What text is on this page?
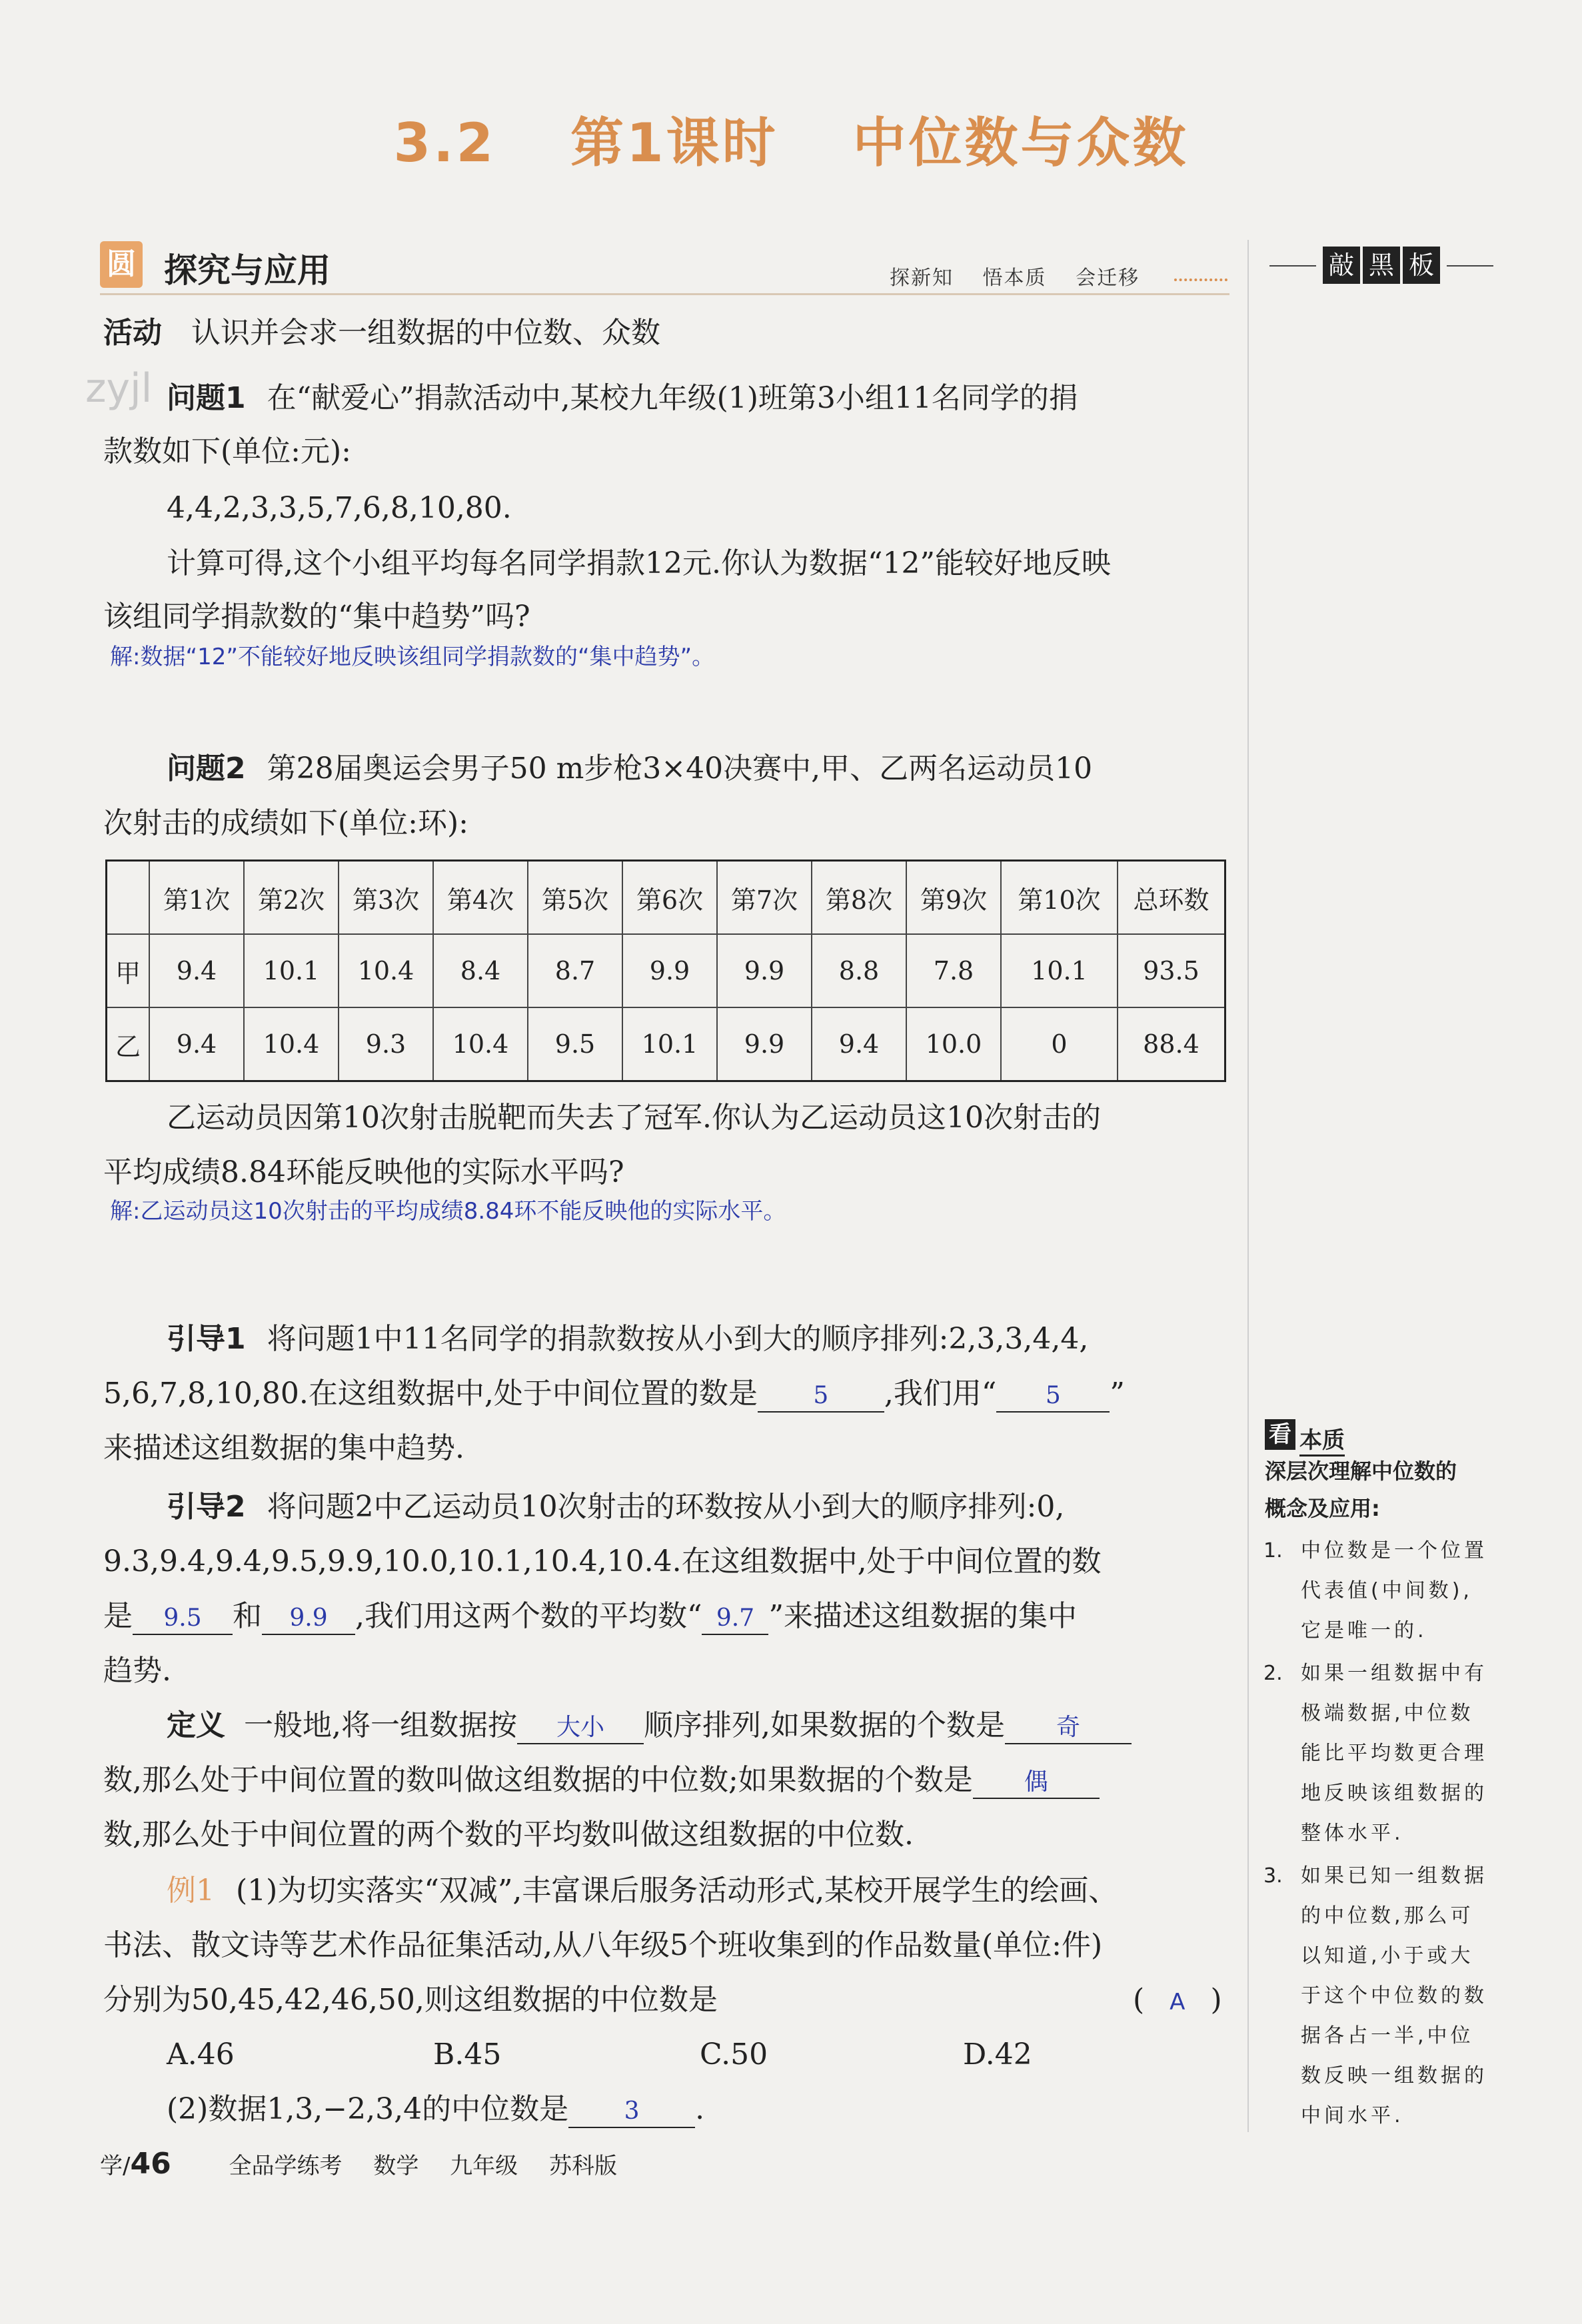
3.2 第1课时 中位数与众数
圆 探究与应用	探新知 悟本质 会迁移	敲 黑 板
活动 认识并会求一组数据的中位数、众数
zyjl 问题1 在“献爱心”捐款活动中,某校九年级(1)班第3小组11名同学的捐
款数如下(单位:元):
4,4,2,3,3,5,7,6,8,10,80.
计算可得,这个小组平均每名同学捐款12元.你认为数据“12”能较好地反映
该组同学捐款数的“集中趋势”吗?
解:数据“12”不能较好地反映该组同学捐款数的“集中趋势”。
问题2 第28届奥运会男子50 m步枪3×40决赛中,甲、乙两名运动员10
次射击的成绩如下(单位:环):
	第1次	第2次	第3次	第4次	第5次	第6次	第7次	第8次	第9次	第10次	总环数
甲	9.4	10.1	10.4	8.4	8.7	9.9	9.9	8.8	7.8	10.1	93.5
乙	9.4	10.4	9.3	10.4	9.5	10.1	9.9	9.4	10.0	0	88.4
乙运动员因第10次射击脱靶而失去了冠军.你认为乙运动员这10次射击的
平均成绩8.84环能反映他的实际水平吗?
解:乙运动员这10次射击的平均成绩8.84环不能反映他的实际水平。
引导1 将问题1中11名同学的捐款数按从小到大的顺序排列:2,3,3,4,4,
5,6,7,8,10,80.在这组数据中,处于中间位置的数是 5 ,我们用“ 5 ”
来描述这组数据的集中趋势.
引导2 将问题2中乙运动员10次射击的环数按从小到大的顺序排列:0,
9.3,9.4,9.4,9.5,9.9,10.0,10.1,10.4,10.4.在这组数据中,处于中间位置的数
是 9.5 和 9.9 ,我们用这两个数的平均数“ 9.7 ”来描述这组数据的集中
趋势.
定义 一般地,将一组数据按 大小 顺序排列,如果数据的个数是 奇
数,那么处于中间位置的数叫做这组数据的中位数;如果数据的个数是 偶
数,那么处于中间位置的两个数的平均数叫做这组数据的中位数.
例1 (1)为切实落实“双减”,丰富课后服务活动形式,某校开展学生的绘画、
书法、散文诗等艺术作品征集活动,从八年级5个班收集到的作品数量(单位:件)
分别为50,45,42,46,50,则这组数据的中位数是	( A )
A.46	B.45	C.50	D.42
(2)数据1,3,−2,3,4的中位数是 3 .
看 本质
深层次理解中位数的
概念及应用:
1. 中位数是一个位置
代表值(中间数),
它是唯一的.
2. 如果一组数据中有
极端数据,中位数
能比平均数更合理
地反映该组数据的
整体水平.
3. 如果已知一组数据
的中位数,那么可
以知道,小于或大
于这个中位数的数
据各占一半,中位
数反映一组数据的
中间水平.
学/46	全品学练考 数学 九年级 苏科版
